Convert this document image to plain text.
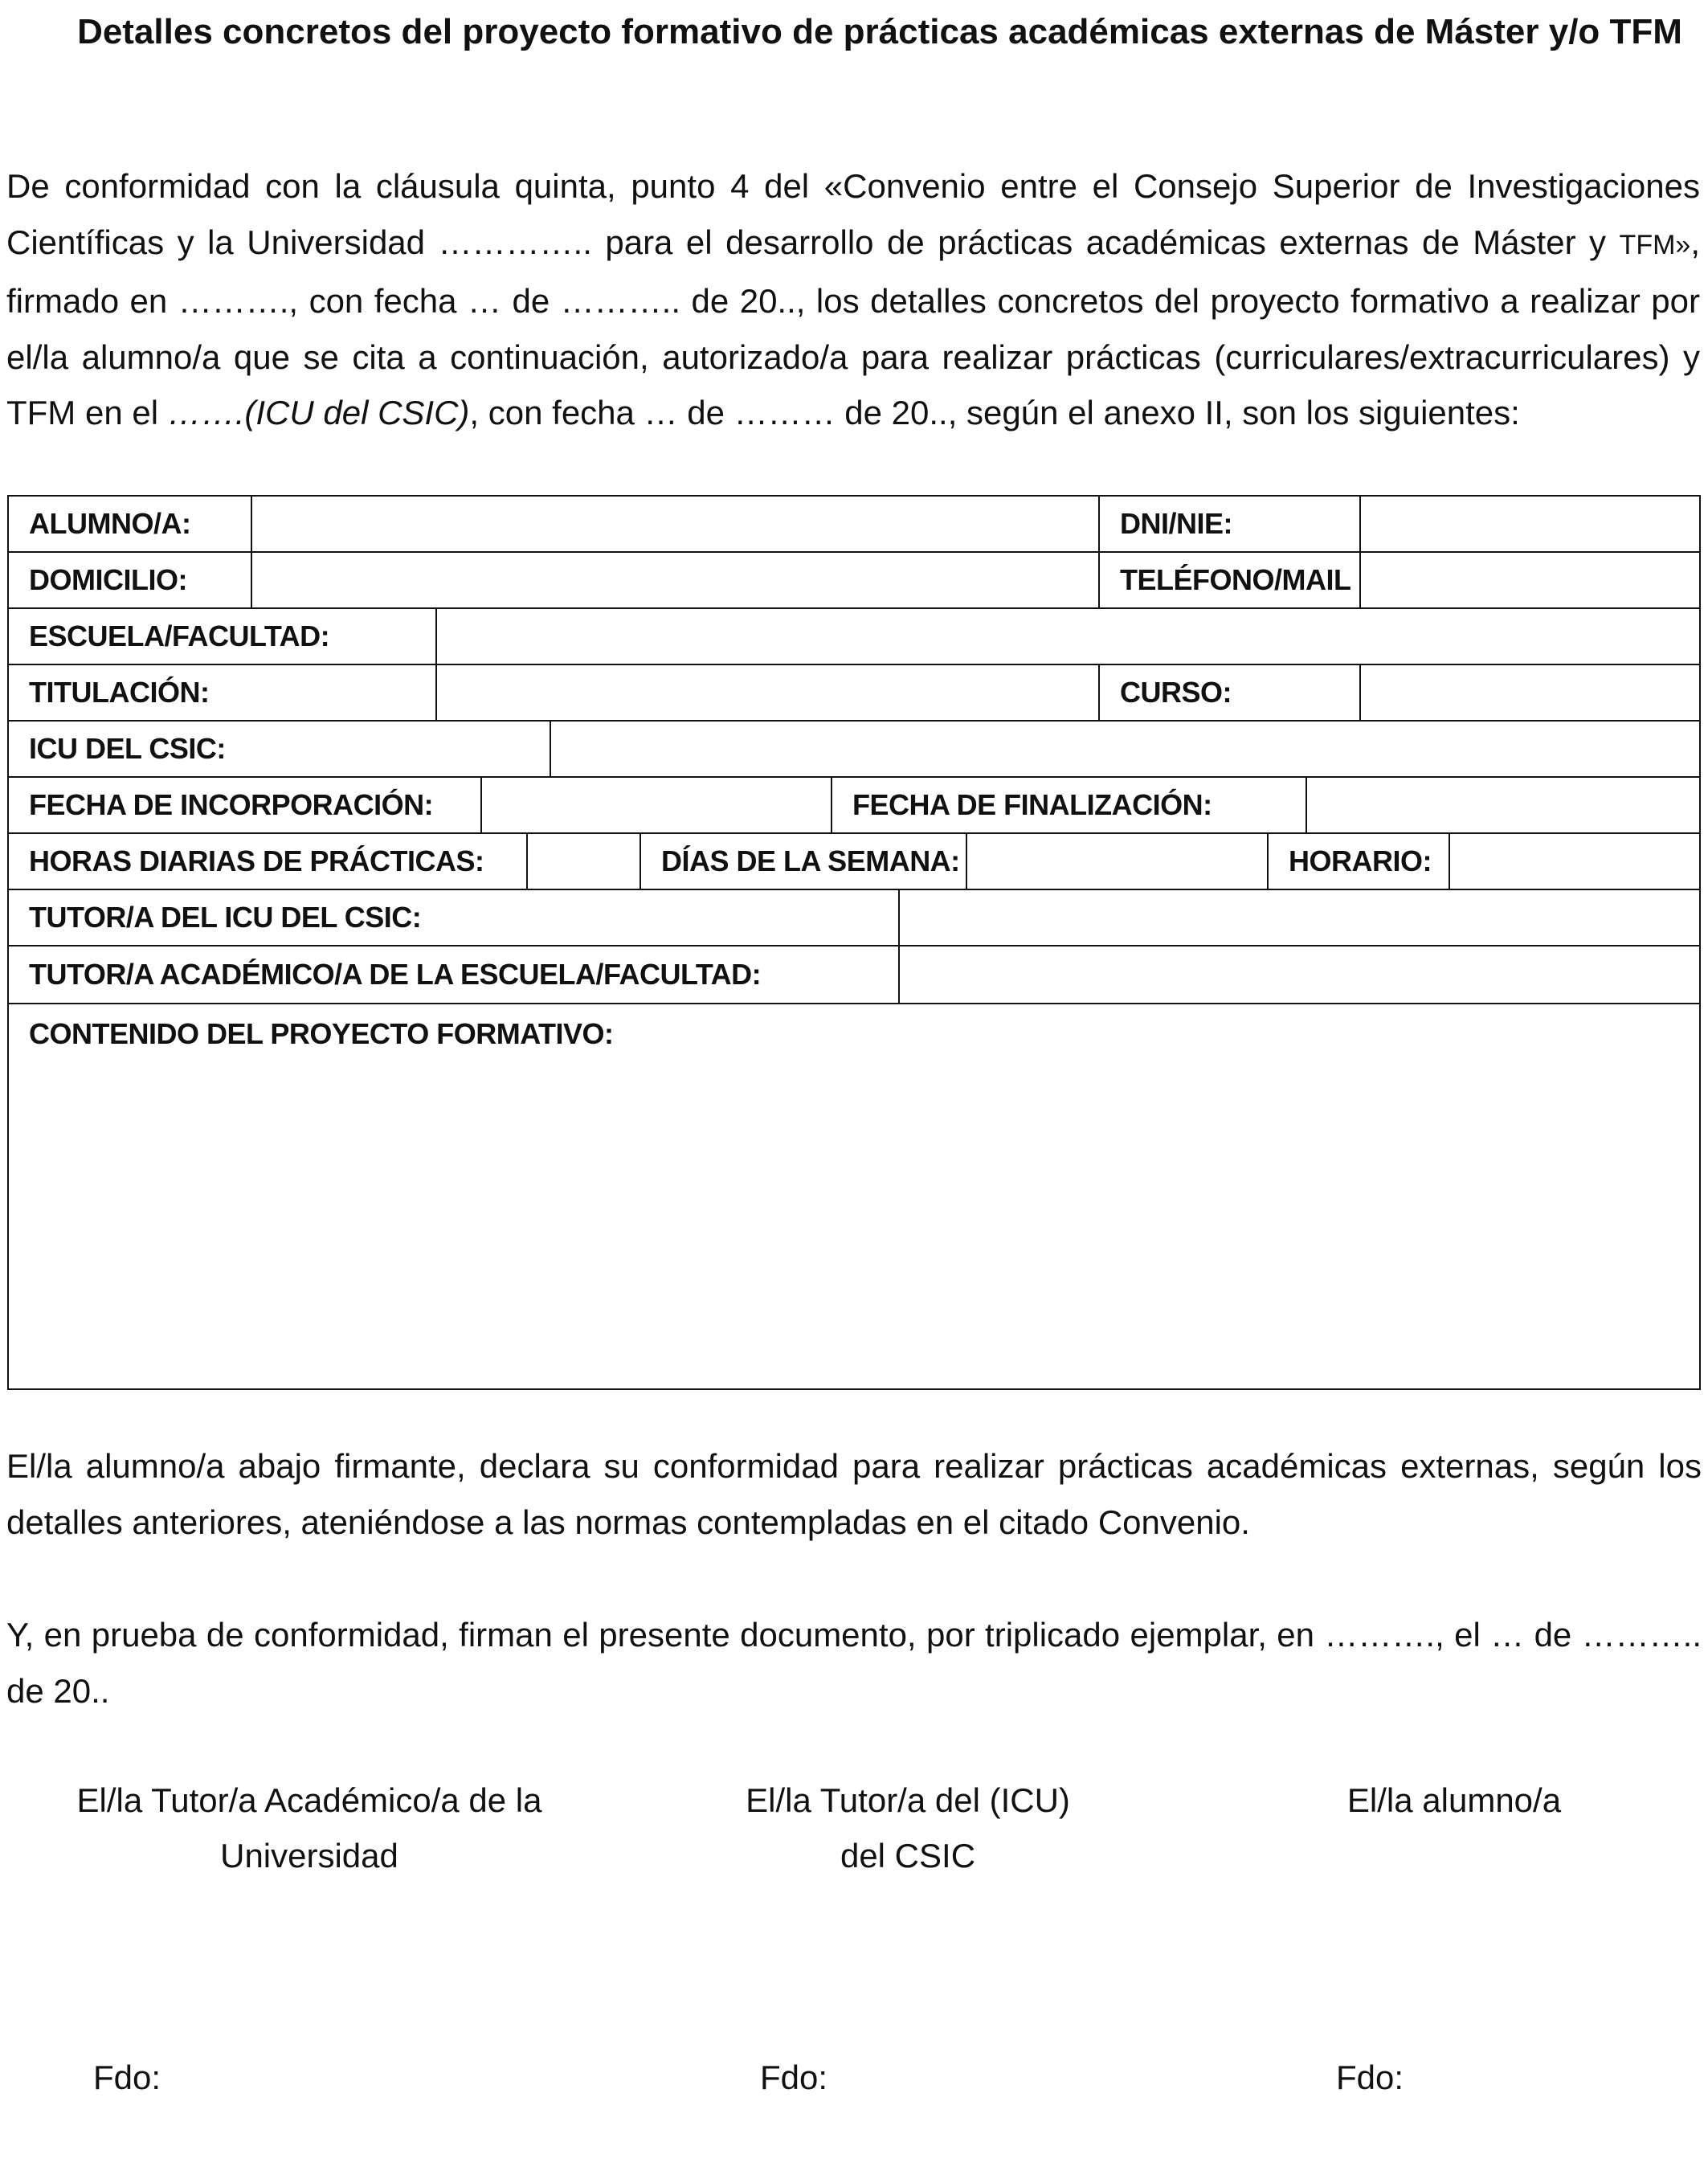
Detalles concretos del proyecto formativo de prácticas académicas externas de Máster y/o TFM
De conformidad con la cláusula quinta, punto 4 del «Convenio entre el Consejo Superior de Investigaciones Científicas y la Universidad ………….. para el desarrollo de prácticas académicas externas de Máster y TFM», firmado en ………., con fecha … de ……….. de 20.., los detalles concretos del proyecto formativo a realizar por el/la alumno/a que se cita a continuación, autorizado/a para realizar prácticas (curriculares/extracurriculares) y TFM en el …….(ICU del CSIC), con fecha … de ……… de 20.., según el anexo II, son los siguientes:
ALUMNO/A:	DNI/NIE:
DOMICILIO:	TELÉFONO/MAIL
ESCUELA/FACULTAD:
TITULACIÓN:	CURSO:
ICU DEL CSIC:
FECHA DE INCORPORACIÓN:	FECHA DE FINALIZACIÓN:
HORAS DIARIAS DE PRÁCTICAS:	DÍAS DE LA SEMANA:	HORARIO:
TUTOR/A DEL ICU DEL CSIC:
TUTOR/A ACADÉMICO/A DE LA ESCUELA/FACULTAD:
CONTENIDO DEL PROYECTO FORMATIVO:
El/la alumno/a abajo firmante, declara su conformidad para realizar prácticas académicas externas, según los detalles anteriores, ateniéndose a las normas contempladas en el citado Convenio.
Y, en prueba de conformidad, firman el presente documento, por triplicado ejemplar, en ………., el … de ……….. de 20..
El/la Tutor/a Académico/a de la
Universidad
El/la Tutor/a del (ICU)
del CSIC
El/la alumno/a
Fdo:	Fdo:	Fdo:
